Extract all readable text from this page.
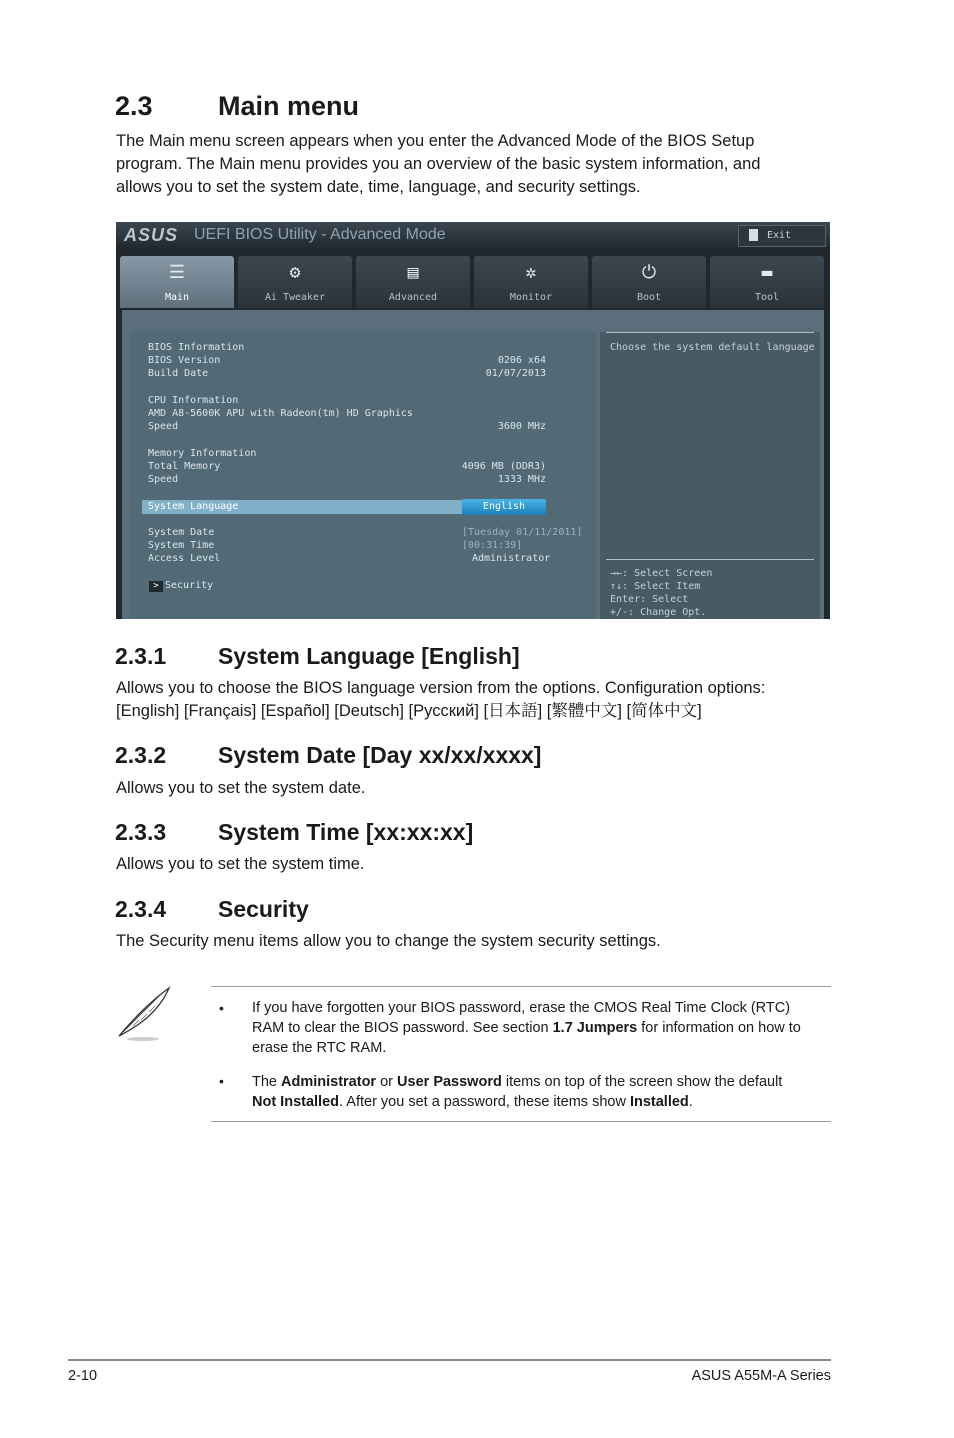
2.3 Main menu

The Main menu screen appears when you enter the Advanced Mode of the BIOS Setup
program. The Main menu provides you an overview of the basic system information, and
allows you to set the system date, time, language, and security settings.

ASUS UEFI BIOS Utility - Advanced Mode	Exit
☰
Main
⚙
Ai Tweaker
▤
Advanced
✲
Monitor
⏻
Boot
▬
Tool
BIOS Information
BIOS Version	0206 x64
Build Date	01/07/2013
CPU Information
AMD A8-5600K APU with Radeon(tm) HD Graphics
Speed	3600 MHz
Memory Information
Total Memory	4096 MB (DDR3)
Speed	1333 MHz
System Language	English
System Date	[Tuesday 01/11/2011]
System Time	[00:31:39]
Access Level	Administrator
> Security
Choose the system default language
→←: Select Screen
↑↓: Select Item
Enter: Select
+/-: Change Opt.
2.3.1 System Language [English]

Allows you to choose the BIOS language version from the options. Configuration options:
[English] [Français] [Español] [Deutsch] [Русский] [日本語] [繁體中文] [简体中文]

2.3.2 System Date [Day xx/xx/xxxx]

Allows you to set the system date.

2.3.3 System Time [xx:xx:xx]

Allows you to set the system time.

2.3.4 Security

The Security menu items allow you to change the system security settings.

• If you have forgotten your BIOS password, erase the CMOS Real Time Clock (RTC)
RAM to clear the BIOS password. See section 1.7 Jumpers for information on how to
erase the RTC RAM.

• The Administrator or User Password items on top of the screen show the default
Not Installed. After you set a password, these items show Installed.

2-10	ASUS A55M-A Series
